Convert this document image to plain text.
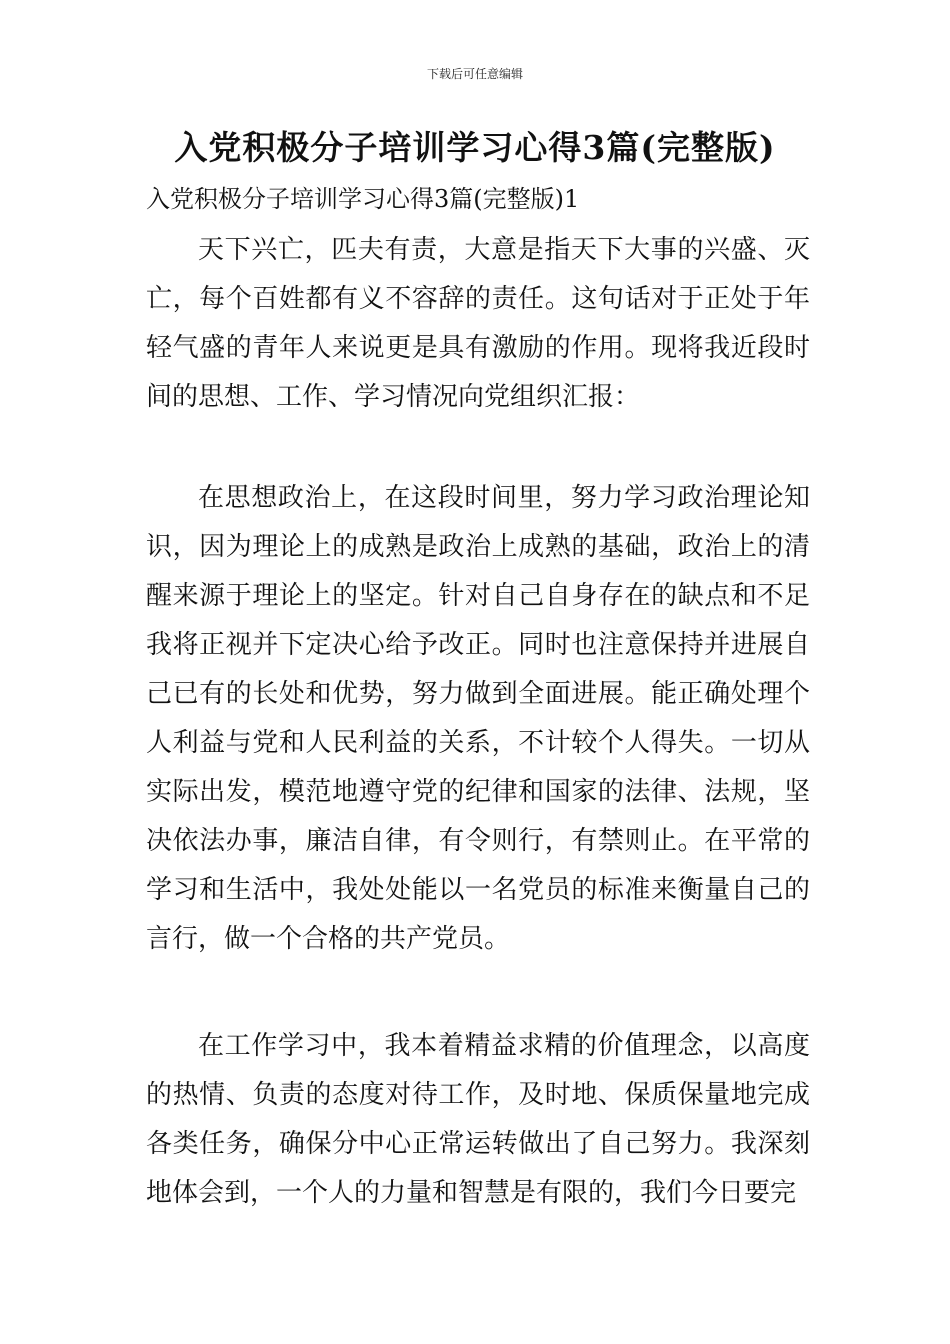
下载后可任意编辑
入党积极分子培训学习心得3篇(完整版)

入党积极分子培训学习心得3篇(完整版)1

天下兴亡，匹夫有责，大意是指天下大事的兴盛、灭亡，每个百姓都有义不容辞的责任。这句话对于正处于年轻气盛的青年人来说更是具有激励的作用。现将我近段时间的思想、工作、学习情况向党组织汇报：

在思想政治上，在这段时间里，努力学习政治理论知识，因为理论上的成熟是政治上成熟的基础，政治上的清醒来源于理论上的坚定。针对自己自身存在的缺点和不足我将正视并下定决心给予改正。同时也注意保持并进展自己已有的长处和优势，努力做到全面进展。能正确处理个人利益与党和人民利益的关系，不计较个人得失。一切从实际出发，模范地遵守党的纪律和国家的法律、法规，坚决依法办事，廉洁自律，有令则行，有禁则止。在平常的学习和生活中，我处处能以一名党员的标准来衡量自己的言行，做一个合格的共产党员。

在工作学习中，我本着精益求精的价值理念，以高度的热情、负责的态度对待工作，及时地、保质保量地完成各类任务，确保分中心正常运转做出了自己努力。我深刻地体会到，一个人的力量和智慧是有限的，我们今日要完
